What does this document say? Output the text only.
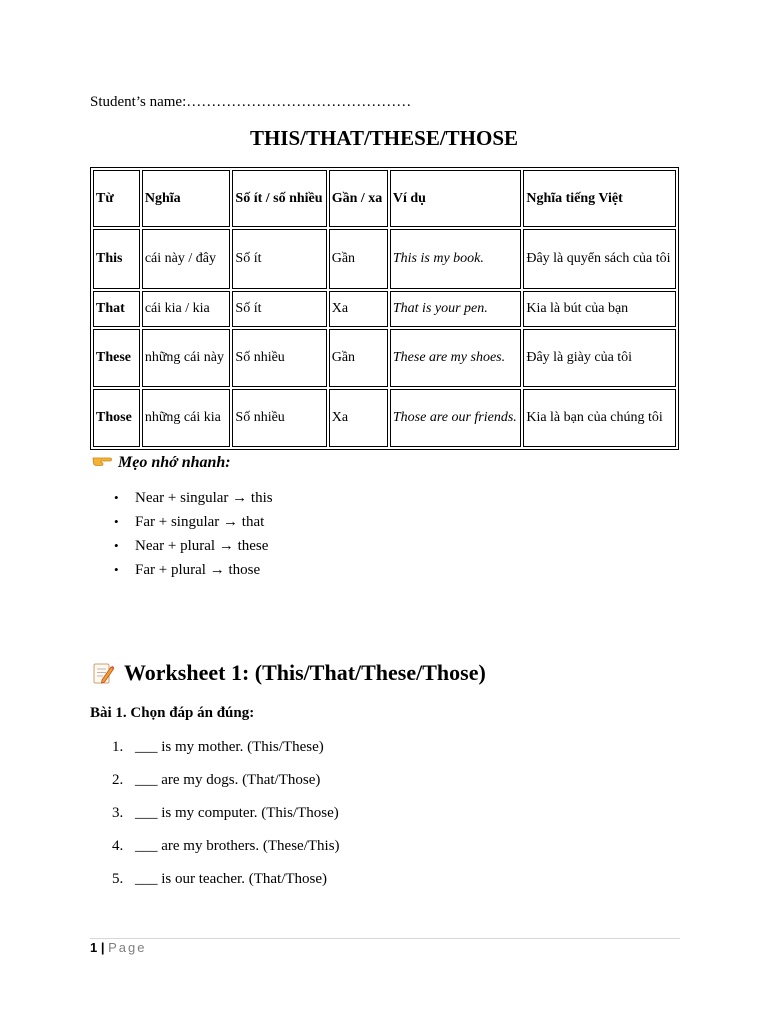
Student’s name:………………………………………
THIS/THAT/THESE/THOSE
Từ	Nghĩa	Số ít / số nhiều	Gần / xa	Ví dụ	Nghĩa tiếng Việt
This	cái này / đây	Số ít	Gần	This is my book.	Đây là quyển sách của tôi
That	cái kia / kia	Số ít	Xa	That is your pen.	Kia là bút của bạn
These	những cái này	Số nhiều	Gần	These are my shoes.	Đây là giày của tôi
Those	những cái kia	Số nhiều	Xa	Those are our friends.	Kia là bạn của chúng tôi
Mẹo nhớ nhanh:
• Near + singular → this
• Far + singular → that
• Near + plural → these
• Far + plural → those
Worksheet 1: (This/That/These/Those)
Bài 1. Chọn đáp án đúng:
1. ___ is my mother. (This/These)
2. ___ are my dogs. (That/Those)
3. ___ is my computer. (This/Those)
4. ___ are my brothers. (These/This)
5. ___ is our teacher. (That/Those)
1 | Page
